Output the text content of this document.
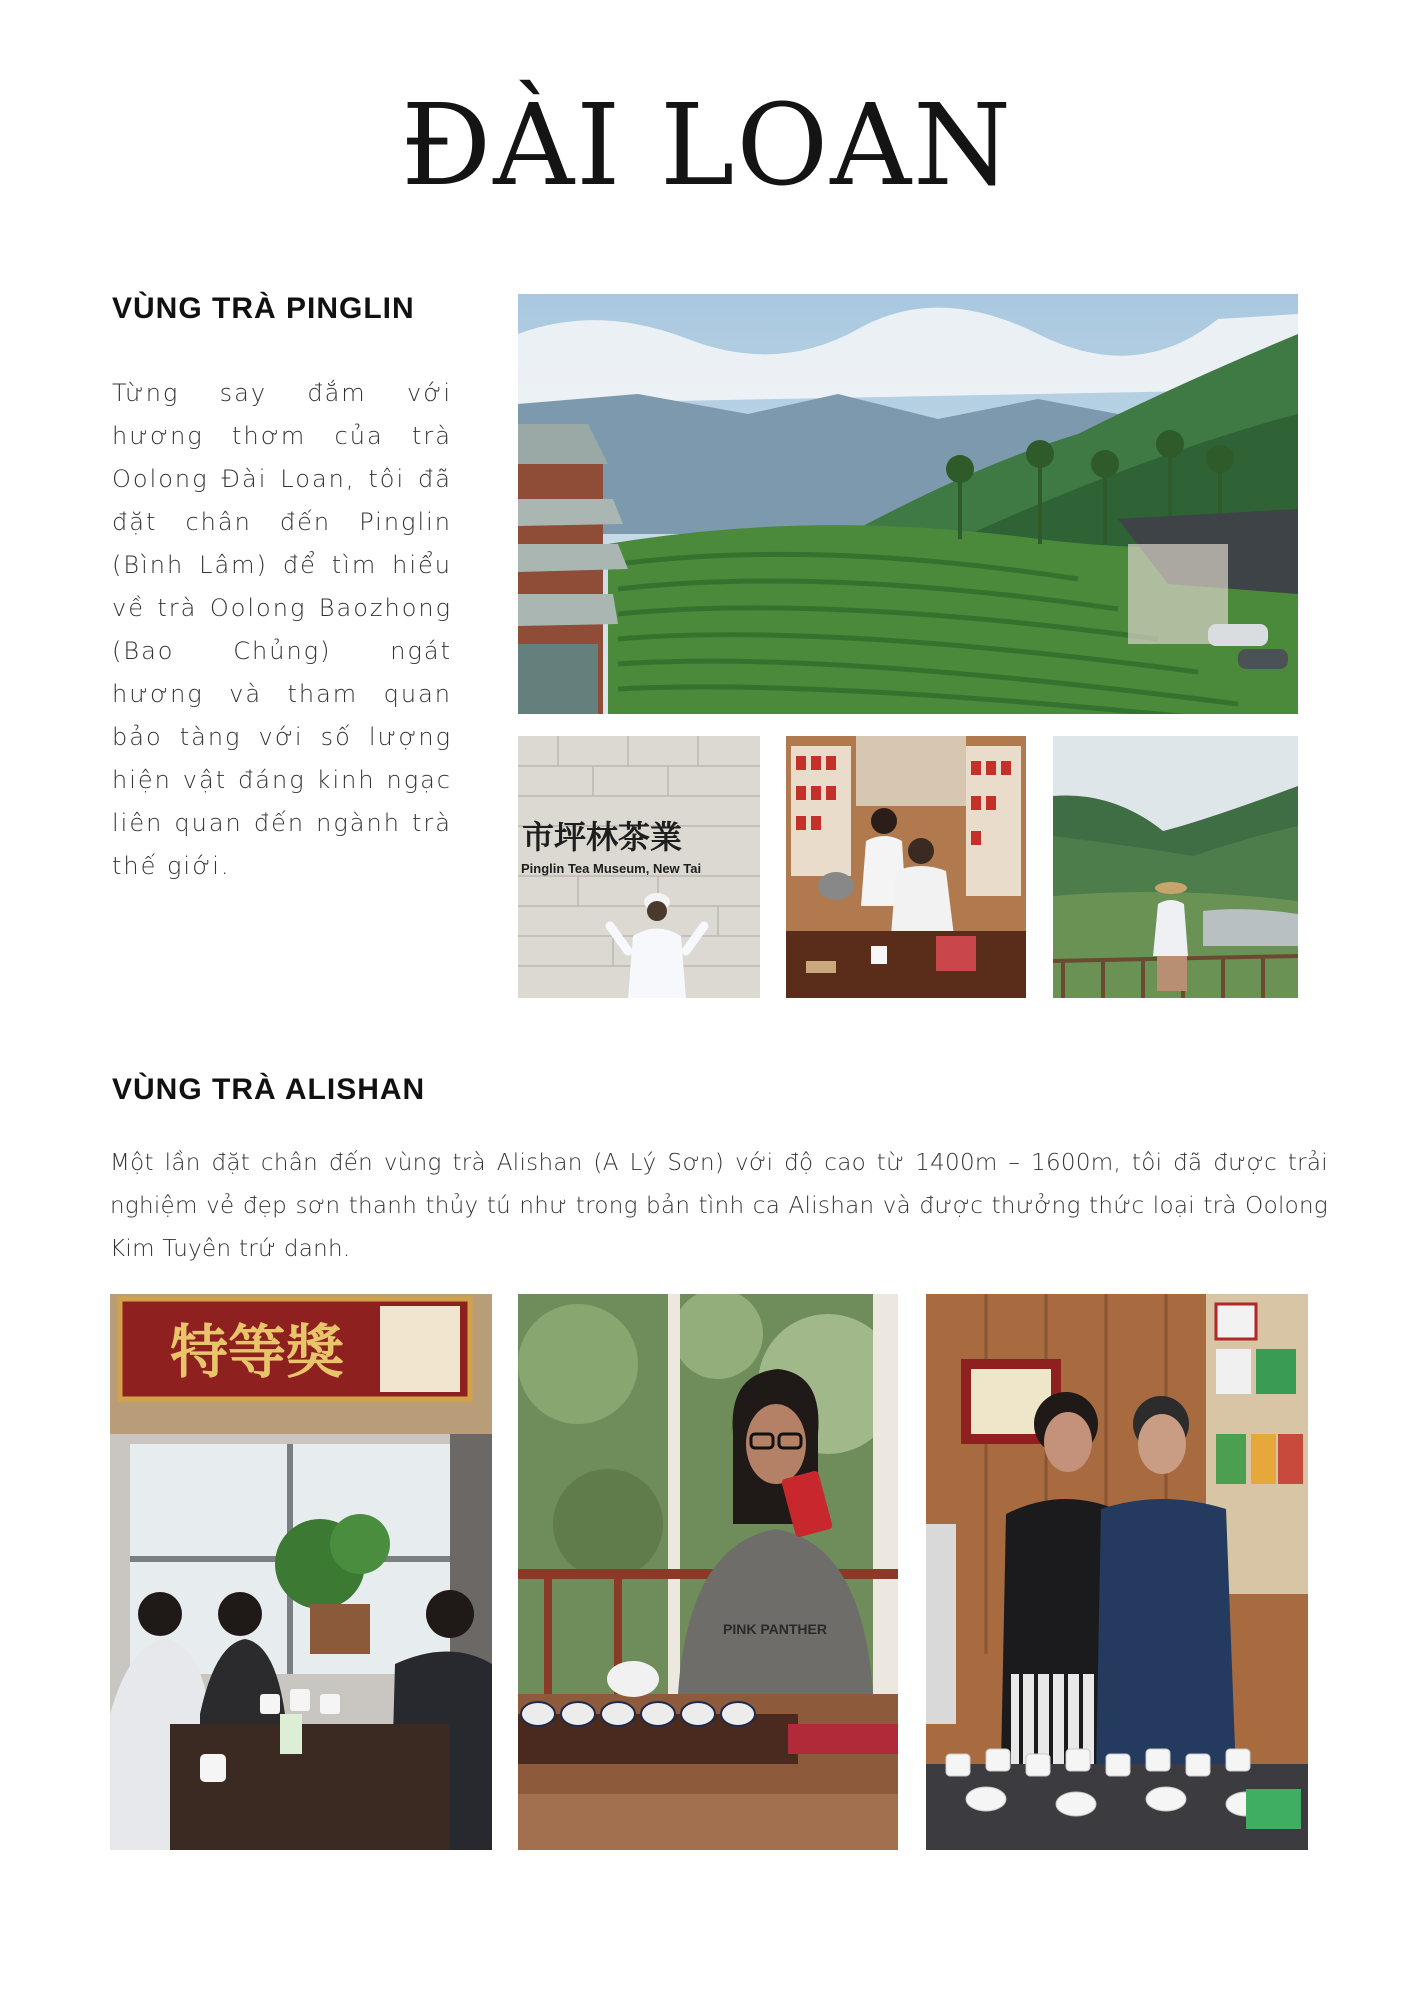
ĐÀI LOAN
VÙNG TRÀ PINGLIN

Từng say đắm với hương thơm của trà Oolong Đài Loan, tôi đã đặt chân đến Pinglin (Bình Lâm) để tìm hiểu về trà Oolong Baozhong (Bao Chủng) ngát hương và tham quan bảo tàng với số lượng hiện vật đáng kinh ngạc liên quan đến ngành trà thế giới.

市坪林茶業
Pinglin Tea Museum, New Tai
VÙNG TRÀ ALISHAN

Một lần đặt chân đến vùng trà Alishan (A Lý Sơn) với độ cao từ 1400m – 1600m, tôi đã được trải nghiệm vẻ đẹp sơn thanh thủy tú như trong bản tình ca Alishan và được thưởng thức loại trà Oolong Kim Tuyên trứ danh.

特等獎
PINK PANTHER
